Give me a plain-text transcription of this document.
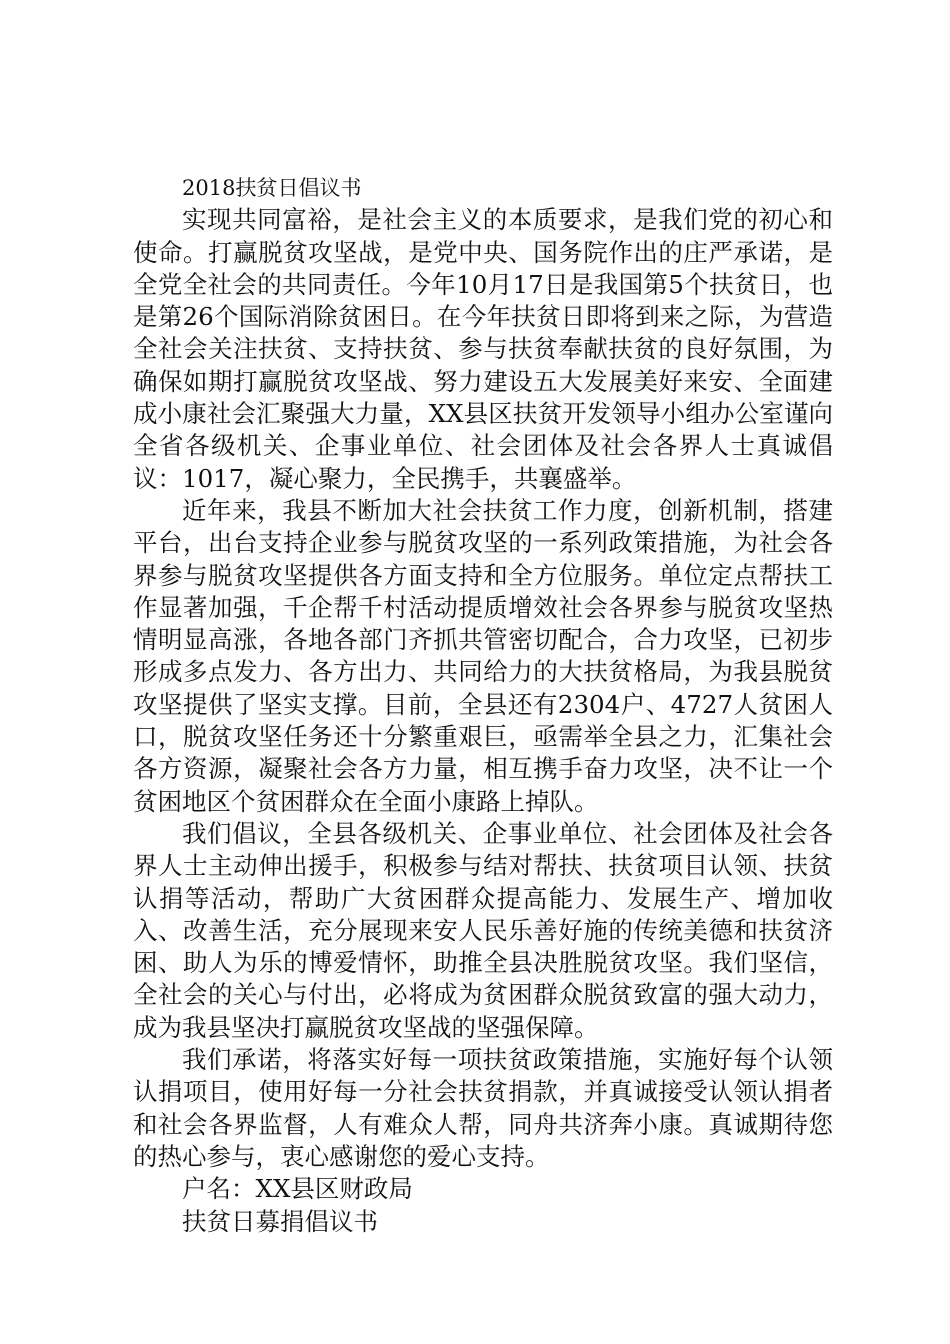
2018扶贫日倡议书

实现共同富裕，是社会主义的本质要求，是我们党的初心和使命。打赢脱贫攻坚战，是党中央、国务院作出的庄严承诺，是全党全社会的共同责任。今年10月17日是我国第5个扶贫日，也是第26个国际消除贫困日。在今年扶贫日即将到来之际，为营造全社会关注扶贫、支持扶贫、参与扶贫奉献扶贫的良好氛围，为确保如期打赢脱贫攻坚战、努力建设五大发展美好来安、全面建成小康社会汇聚强大力量，XX县区扶贫开发领导小组办公室谨向全省各级机关、企事业单位、社会团体及社会各界人士真诚倡议：1017，凝心聚力，全民携手，共襄盛举。

近年来，我县不断加大社会扶贫工作力度，创新机制，搭建平台，出台支持企业参与脱贫攻坚的一系列政策措施，为社会各界参与脱贫攻坚提供各方面支持和全方位服务。单位定点帮扶工作显著加强，千企帮千村活动提质增效社会各界参与脱贫攻坚热情明显高涨，各地各部门齐抓共管密切配合，合力攻坚，已初步形成多点发力、各方出力、共同给力的大扶贫格局，为我县脱贫攻坚提供了坚实支撑。目前，全县还有2304户、4727人贫困人口，脱贫攻坚任务还十分繁重艰巨，亟需举全县之力，汇集社会各方资源，凝聚社会各方力量，相互携手奋力攻坚，决不让一个贫困地区个贫困群众在全面小康路上掉队。

我们倡议，全县各级机关、企事业单位、社会团体及社会各界人士主动伸出援手，积极参与结对帮扶、扶贫项目认领、扶贫认捐等活动，帮助广大贫困群众提高能力、发展生产、增加收入、改善生活，充分展现来安人民乐善好施的传统美德和扶贫济困、助人为乐的博爱情怀，助推全县决胜脱贫攻坚。我们坚信，全社会的关心与付出，必将成为贫困群众脱贫致富的强大动力，成为我县坚决打赢脱贫攻坚战的坚强保障。

我们承诺，将落实好每一项扶贫政策措施，实施好每个认领认捐项目，使用好每一分社会扶贫捐款，并真诚接受认领认捐者和社会各界监督，人有难众人帮，同舟共济奔小康。真诚期待您的热心参与，衷心感谢您的爱心支持。

户名：XX县区财政局
扶贫日募捐倡议书
